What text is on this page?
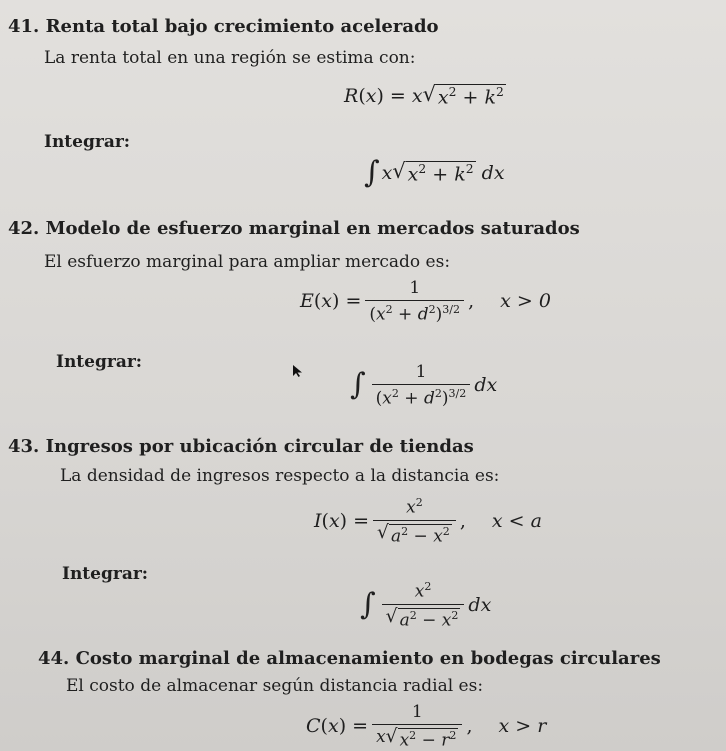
41. Renta total bajo crecimiento acelerado
La renta total en una región se estima con:
R ( x ) = x √ $x^2 + k^2$
Integrar:
∫ x √ $x^2 + k^2$
dx
42. Modelo de esfuerzo marginal en mercados saturados
El esfuerzo marginal para ampliar mercado es:
E ( x ) = $\frac{1}{(x^2 + d^2)^{3/2}}$ , x > 0
Integrar:
∫ $\frac{1}{(x^2 + d^2)^{3/2}}$ dx
43. Ingresos por ubicación circular de tiendas
La densidad de ingresos respecto a la distancia es:
I ( x ) = $\frac{x^2}{√ a^2 - x^2}$ , x < a
Integrar:
∫ $\frac{x^2}{√ a^2 - x^2}$ dx
44. Costo marginal de almacenamiento en bodegas circulares
El costo de almacenar según distancia radial es:
C ( x ) = $\frac{1}{x √ x^2 - r^2}$ , x > r
